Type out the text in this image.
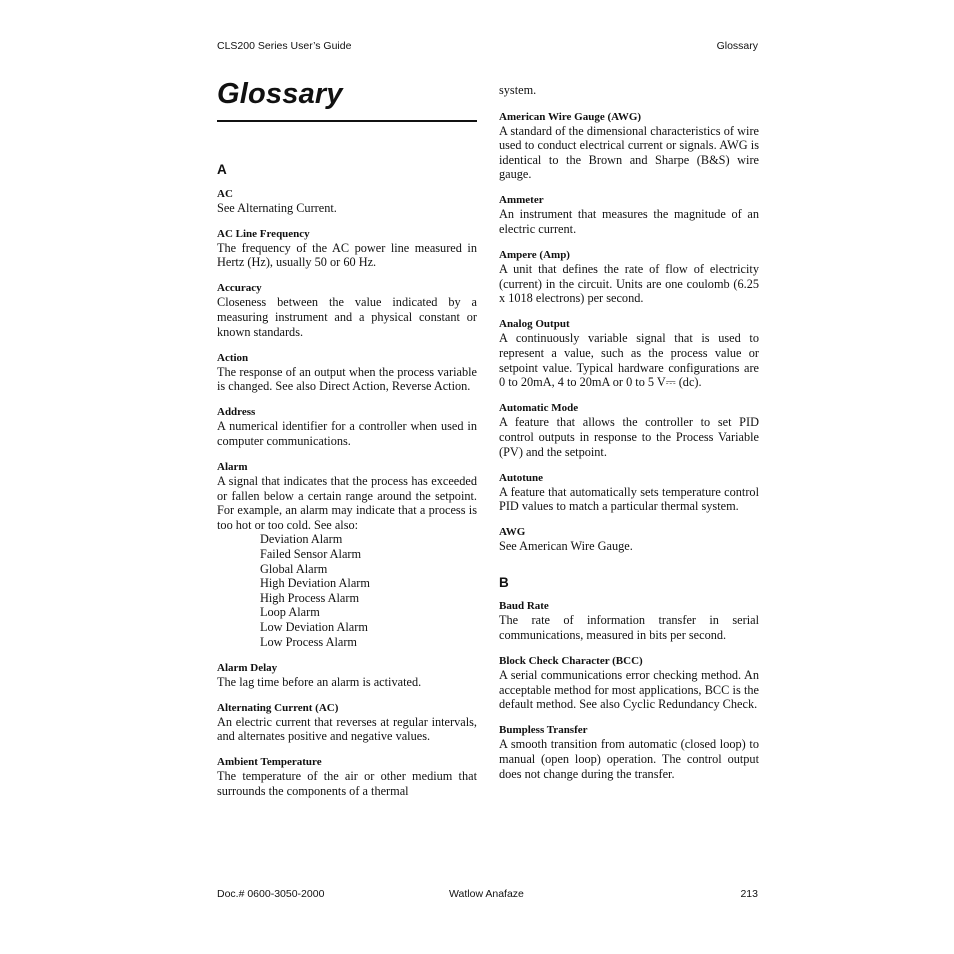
CLS200 Series User’s Guide	Glossary
Glossary
A
AC
See Alternating Current.
AC Line Frequency
The frequency of the AC power line measured in Hertz (Hz), usually 50 or 60 Hz.
Accuracy
Closeness between the value indicated by a measuring instrument and a physical constant or known standards.
Action
The response of an output when the process variable is changed. See also Direct Action, Reverse Action.
Address
A numerical identifier for a controller when used in computer communications.
Alarm
A signal that indicates that the process has exceeded or fallen below a certain range around the setpoint. For example, an alarm may indicate that a process is too hot or too cold. See also:
Deviation Alarm
Failed Sensor Alarm
Global Alarm
High Deviation Alarm
High Process Alarm
Loop Alarm
Low Deviation Alarm
Low Process Alarm
Alarm Delay
The lag time before an alarm is activated.
Alternating Current (AC)
An electric current that reverses at regular intervals, and alternates positive and negative values.
Ambient Temperature
The temperature of the air or other medium that surrounds the components of a thermal
system.
American Wire Gauge (AWG)
A standard of the dimensional characteristics of wire used to conduct electrical current or signals. AWG is identical to the Brown and Sharpe (B&S) wire gauge.
Ammeter
An instrument that measures the magnitude of an electric current.
Ampere (Amp)
A unit that defines the rate of flow of electricity (current) in the circuit. Units are one coulomb (6.25 x 1018 electrons) per second.
Analog Output
A continuously variable signal that is used to represent a value, such as the process value or setpoint value. Typical hardware configurations are 0 to 20mA, 4 to 20mA or 0 to 5 V⎓ (dc).
Automatic Mode
A feature that allows the controller to set PID control outputs in response to the Process Variable (PV) and the setpoint.
Autotune
A feature that automatically sets temperature control PID values to match a particular thermal system.
AWG
See American Wire Gauge.
B
Baud Rate
The rate of information transfer in serial communications, measured in bits per second.
Block Check Character (BCC)
A serial communications error checking method. An acceptable method for most applications, BCC is the default method. See also Cyclic Redundancy Check.
Bumpless Transfer
A smooth transition from automatic (closed loop) to manual (open loop) operation. The control output does not change during the transfer.
Doc.# 0600-3050-2000	Watlow Anafaze	213
